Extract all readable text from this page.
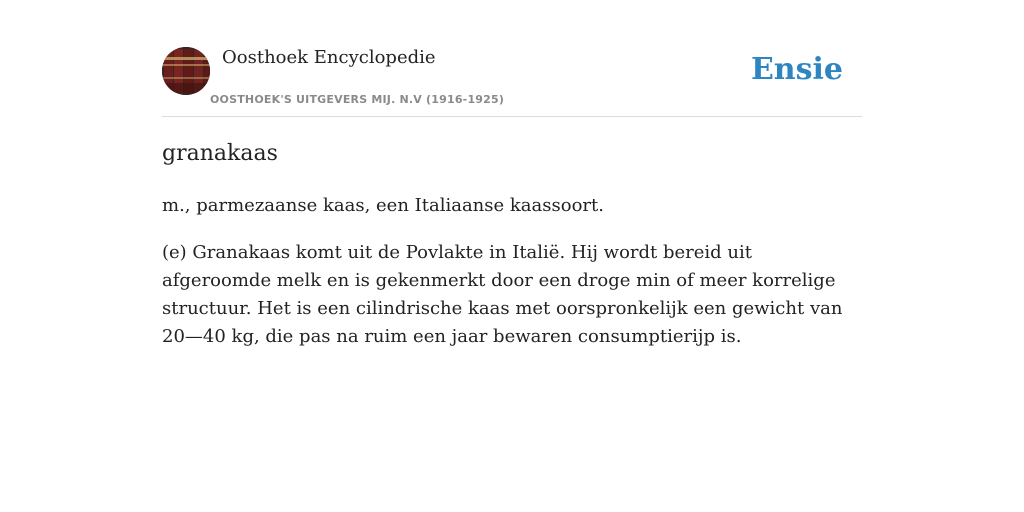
Oosthoek Encyclopedie
OOSTHOEK'S UITGEVERS MIJ. N.V (1916-1925)
Ensie
granakaas

m., parmezaanse kaas, een Italiaanse kaassoort.

(e) Granakaas komt uit de Povlakte in Italië. Hij wordt bereid uit afgeroomde melk en is gekenmerkt door een droge min of meer korrelige structuur. Het is een cilindrische kaas met oorspronkelijk een gewicht van 20—40 kg, die pas na ruim een jaar bewaren consumptierijp is.
